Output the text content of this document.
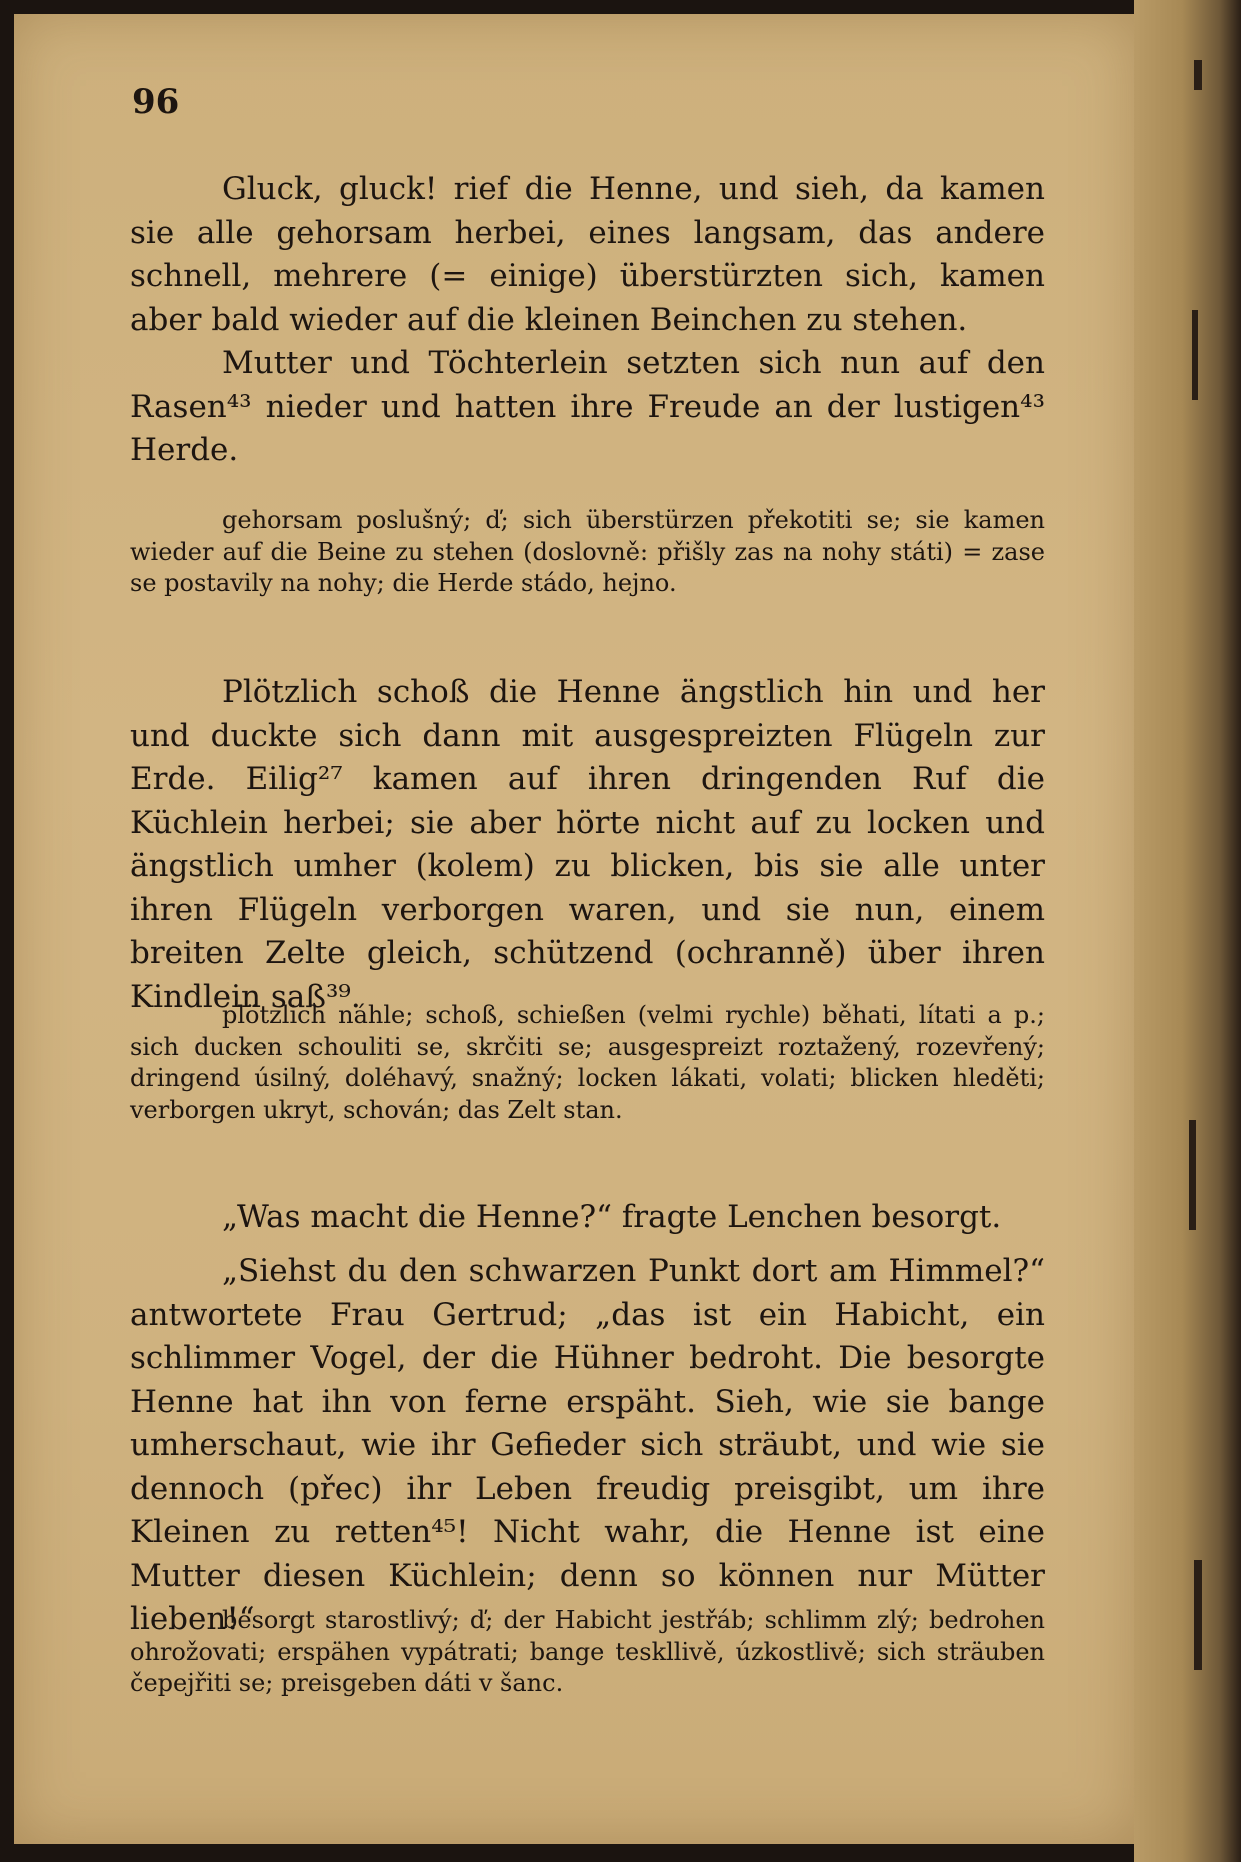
96

Gluck, gluck! rief die Henne, und sieh, da kamen sie alle gehorsam herbei, eines langsam, das andere schnell, mehrere (= einige) überstürzten sich, kamen aber bald wieder auf die kleinen Beinchen zu stehen.

Mutter und Töchterlein setzten sich nun auf den Rasen⁴³ nieder und hatten ihre Freude an der lustigen⁴³ Herde.

gehorsam poslušný; ď; sich überstürzen překotiti se; sie kamen wieder auf die Beine zu stehen (doslovně: přišly zas na nohy státi) = zase se postavily na nohy; die Herde stádo, hejno.

Plötzlich schoß die Henne ängstlich hin und her und duckte sich dann mit ausgespreizten Flügeln zur Erde. Eilig²⁷ kamen auf ihren dringenden Ruf die Küchlein herbei; sie aber hörte nicht auf zu locken und ängstlich umher (kolem) zu blicken, bis sie alle unter ihren Flügeln verborgen waren, und sie nun, einem breiten Zelte gleich, schützend (ochranně) über ihren Kindlein saß³⁹.

plötzlich náhle; schoß, schießen (velmi rychle) běhati, lítati a p.; sich ducken schouliti se, skrčiti se; ausgespreizt roztažený, rozevřený; dringend úsilný, doléhavý, snažný; locken lákati, volati; blicken hleděti; verborgen ukryt, schován; das Zelt stan.

„Was macht die Henne?“ fragte Lenchen besorgt.

„Siehst du den schwarzen Punkt dort am Himmel?“ antwortete Frau Gertrud; „das ist ein Habicht, ein schlimmer Vogel, der die Hühner bedroht. Die besorgte Henne hat ihn von ferne erspäht. Sieh, wie sie bange umherschaut, wie ihr Gefieder sich sträubt, und wie sie dennoch (přec) ihr Leben freudig preisgibt, um ihre Kleinen zu retten⁴⁵! Nicht wahr, die Henne ist eine Mutter diesen Küchlein; denn so können nur Mütter lieben!“

besorgt starostlivý; ď; der Habicht jestřáb; schlimm zlý; bedrohen ohrožovati; erspähen vypátrati; bange teskllivě, úzkostlivě; sich sträuben čepejřiti se; preisgeben dáti v šanc.
